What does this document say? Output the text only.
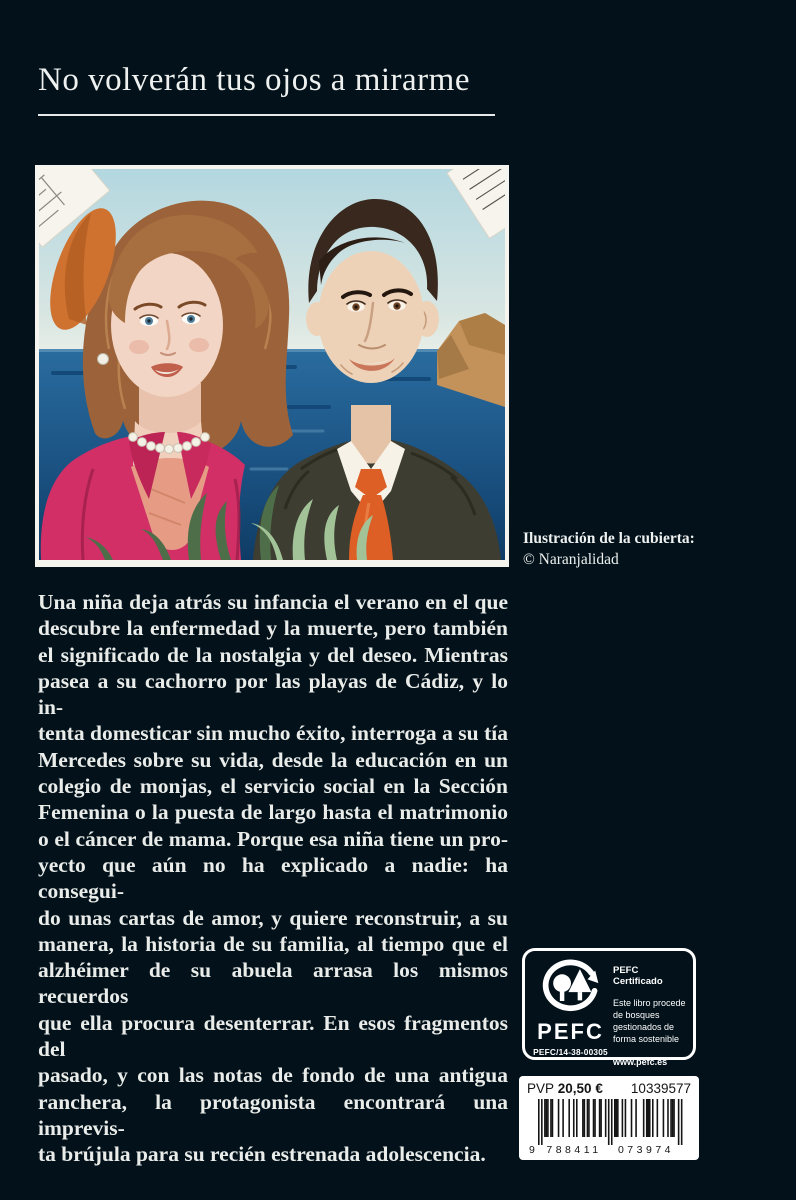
No volverán tus ojos a mirarme
Ilustración de la cubierta:
© Naranjalidad
Una niña deja atrás su infancia el verano en el que
descubre la enfermedad y la muerte, pero también
el significado de la nostalgia y del deseo. Mientras
pasea a su cachorro por las playas de Cádiz, y lo in-
tenta domesticar sin mucho éxito, interroga a su tía
Mercedes sobre su vida, desde la educación en un
colegio de monjas, el servicio social en la Sección
Femenina o la puesta de largo hasta el matrimonio
o el cáncer de mama. Porque esa niña tiene un pro-
yecto que aún no ha explicado a nadie: ha consegui-
do unas cartas de amor, y quiere reconstruir, a su
manera, la historia de su familia, al tiempo que el
alzhéimer de su abuela arrasa los mismos recuerdos
que ella procura desenterrar. En esos fragmentos del
pasado, y con las notas de fondo de una antigua
ranchera, la protagonista encontrará una imprevis-
ta brújula para su recién estrenada adolescencia.
PEFC
PEFC/14-38-00305
PEFC Certificado
Este libro procede de bosques gestionados de forma sostenible
www.pefc.es
PVP 20,50 € 10339577
9 788411 073974
